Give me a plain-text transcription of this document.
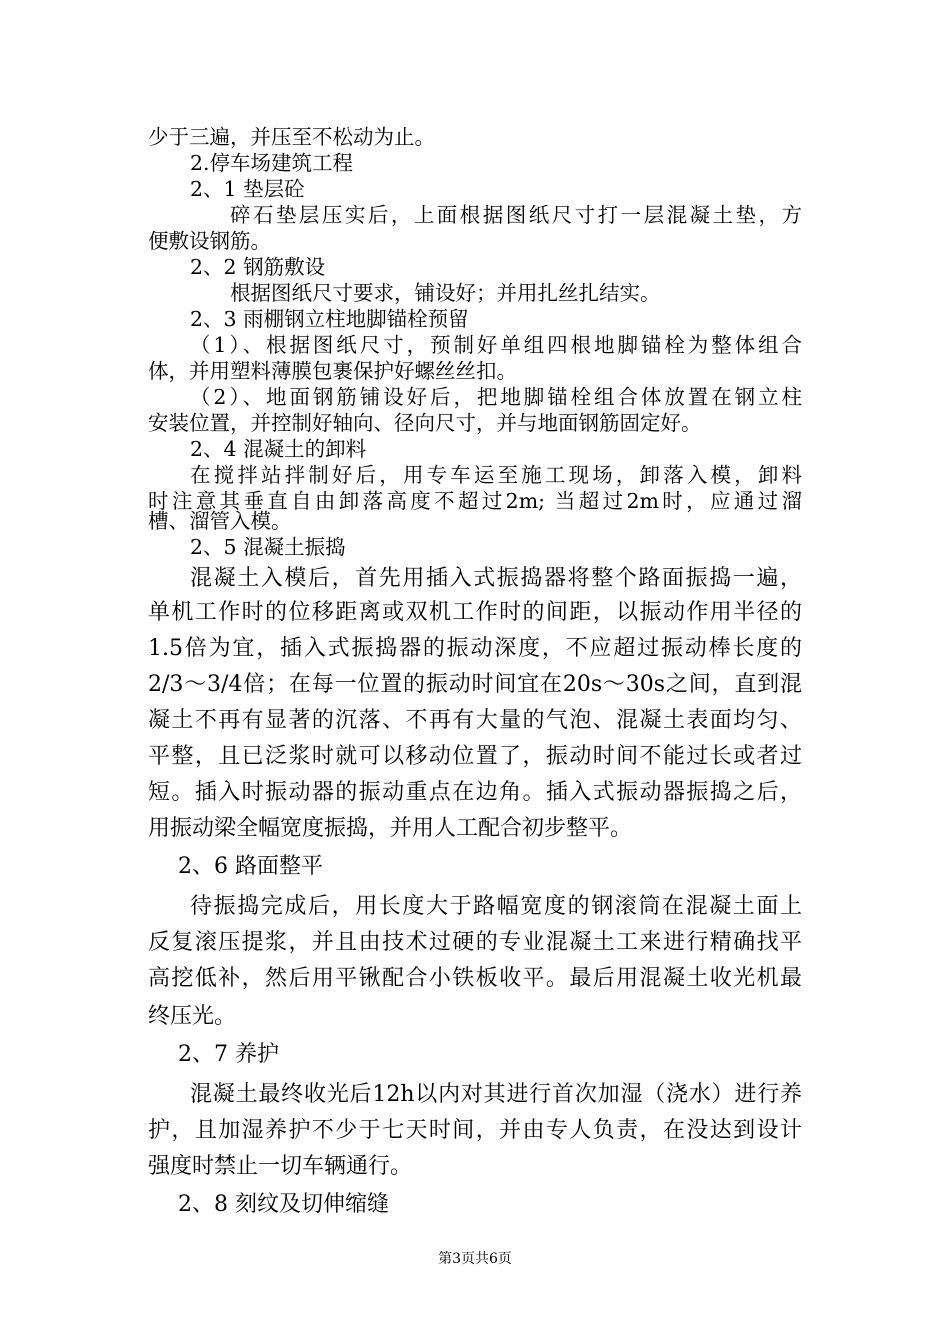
少于三遍，并压至不松动为止。
2.停车场建筑工程
2、1 垫层砼
碎石垫层压实后，上面根据图纸尺寸打一层混凝土垫，方
便敷设钢筋。
2、2 钢筋敷设
根据图纸尺寸要求，铺设好；并用扎丝扎结实。
2、3 雨棚钢立柱地脚锚栓预留
（1）、根据图纸尺寸，预制好单组四根地脚锚栓为整体组合
体，并用塑料薄膜包裹保护好螺丝丝扣。
（2）、地面钢筋铺设好后，把地脚锚栓组合体放置在钢立柱
安装位置，并控制好轴向、径向尺寸，并与地面钢筋固定好。
2、4 混凝土的卸料
在搅拌站拌制好后，用专车运至施工现场，卸落入模，卸料
时注意其垂直自由卸落高度不超过2m; 当超过2m时，应通过溜
槽、溜管入模。
2、5 混凝土振捣
混凝土入模后，首先用插入式振捣器将整个路面振捣一遍，
单机工作时的位移距离或双机工作时的间距，以振动作用半径的
1.5倍为宜，插入式振捣器的振动深度，不应超过振动棒长度的
2/3～3/4倍；在每一位置的振动时间宜在20s～30s之间，直到混
凝土不再有显著的沉落、不再有大量的气泡、混凝土表面均匀、
平整，且已泛浆时就可以移动位置了，振动时间不能过长或者过
短。插入时振动器的振动重点在边角。插入式振动器振捣之后，
用振动梁全幅宽度振捣，并用人工配合初步整平。
2、6 路面整平
待振捣完成后，用长度大于路幅宽度的钢滚筒在混凝土面上
反复滚压提浆，并且由技术过硬的专业混凝土工来进行精确找平
高挖低补，然后用平锹配合小铁板收平。最后用混凝土收光机最
终压光。
2、7 养护
混凝土最终收光后12h以内对其进行首次加湿（浇水）进行养
护，且加湿养护不少于七天时间，并由专人负责，在没达到设计
强度时禁止一切车辆通行。
2、8 刻纹及切伸缩缝
第3页共6页
